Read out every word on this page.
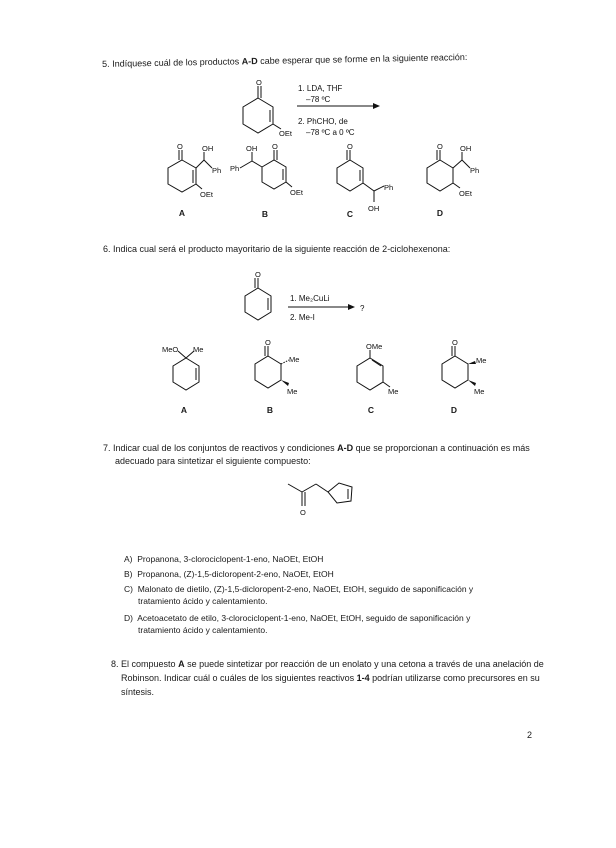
5. Indíquese cuál de los productos A-D cabe esperar que se forme en la siguiente reacción:
O
OEt
1. LDA, THF
–78 ºC
2. PhCHO, de
–78 ºC a 0 ºC
O	OH
Ph
OEt
Ph
OH O
OEt
O
Ph
OH
O OH
Ph
OEt
A	B	C	D
6. Indica cual será el producto mayoritario de la siguiente reacción de 2-ciclohexenona:
O
1. Me₂CuLi
2. Me-I
?
MeO Me
O
Me
Me
OMe
Me
O
Me
Me
A	B	C	D
7. Indicar cual de los conjuntos de reactivos y condiciones A-D que se proporcionan a continuación es más
adecuado para sintetizar el siguiente compuesto:
O
A) Propanona, 3-clorociclopent-1-eno, NaOEt, EtOH
B) Propanona, (Z)-1,5-dicloropent-2-eno, NaOEt, EtOH
C) Malonato de dietilo, (Z)-1,5-dicloropent-2-eno, NaOEt, EtOH, seguido de saponificación y
tratamiento ácido y calentamiento.
D) Acetoacetato de etilo, 3-clorociclopent-1-eno, NaOEt, EtOH, seguido de saponificación y
tratamiento ácido y calentamiento.
8. El compuesto A se puede sintetizar por reacción de un enolato y una cetona a través de una anelación de
Robinson. Indicar cuál o cuáles de los siguientes reactivos 1-4 podrían utilizarse como precursores en su
síntesis.
2
